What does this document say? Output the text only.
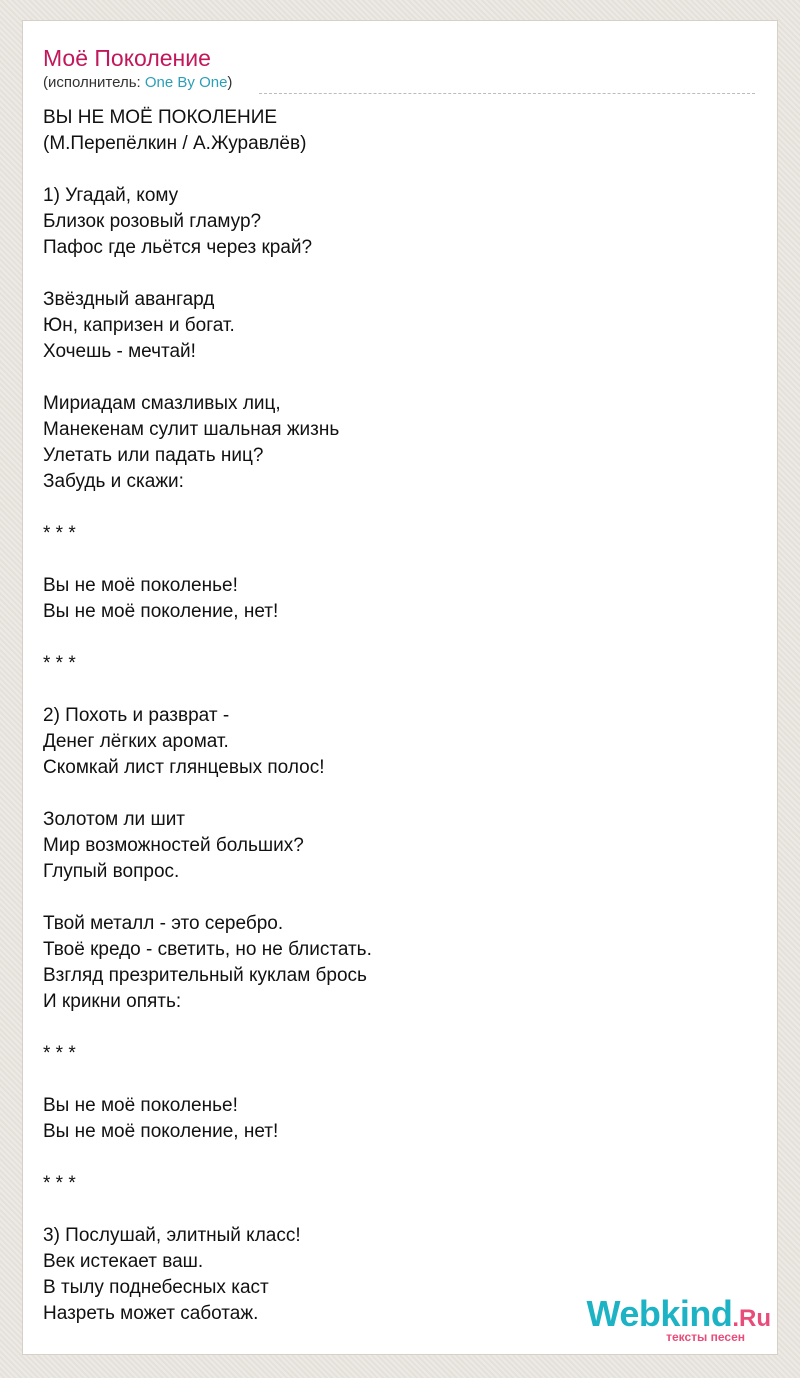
Моё Поколение
(исполнитель: One By One)
ВЫ НЕ МОЁ ПОКОЛЕНИЕ
(М.Перепёлкин / А.Журавлёв)

1) Угадай, кому
Близок розовый гламур?
Пафос где льётся через край?

Звёздный авангард
Юн, капризен и богат.
Хочешь - мечтай!

Мириадам смазливых лиц,
Манекенам сулит шальная жизнь
Улетать или падать ниц?
Забудь и скажи:

* * *

Вы не моё поколенье!
Вы не моё поколение, нет!

* * *

2) Похоть и разврат -
Денег лёгких аромат.
Скомкай лист глянцевых полос!

Золотом ли шит
Мир возможностей больших?
Глупый вопрос.

Твой металл - это серебро.
Твоё кредо - светить, но не блистать.
Взгляд презрительный куклам брось
И крикни опять:

* * *

Вы не моё поколенье!
Вы не моё поколение, нет!

* * *

3) Послушай, элитный класс!
Век истекает ваш.
В тылу поднебесных каст
Назреть может саботаж.	Webkind.Ru
тексты песен
